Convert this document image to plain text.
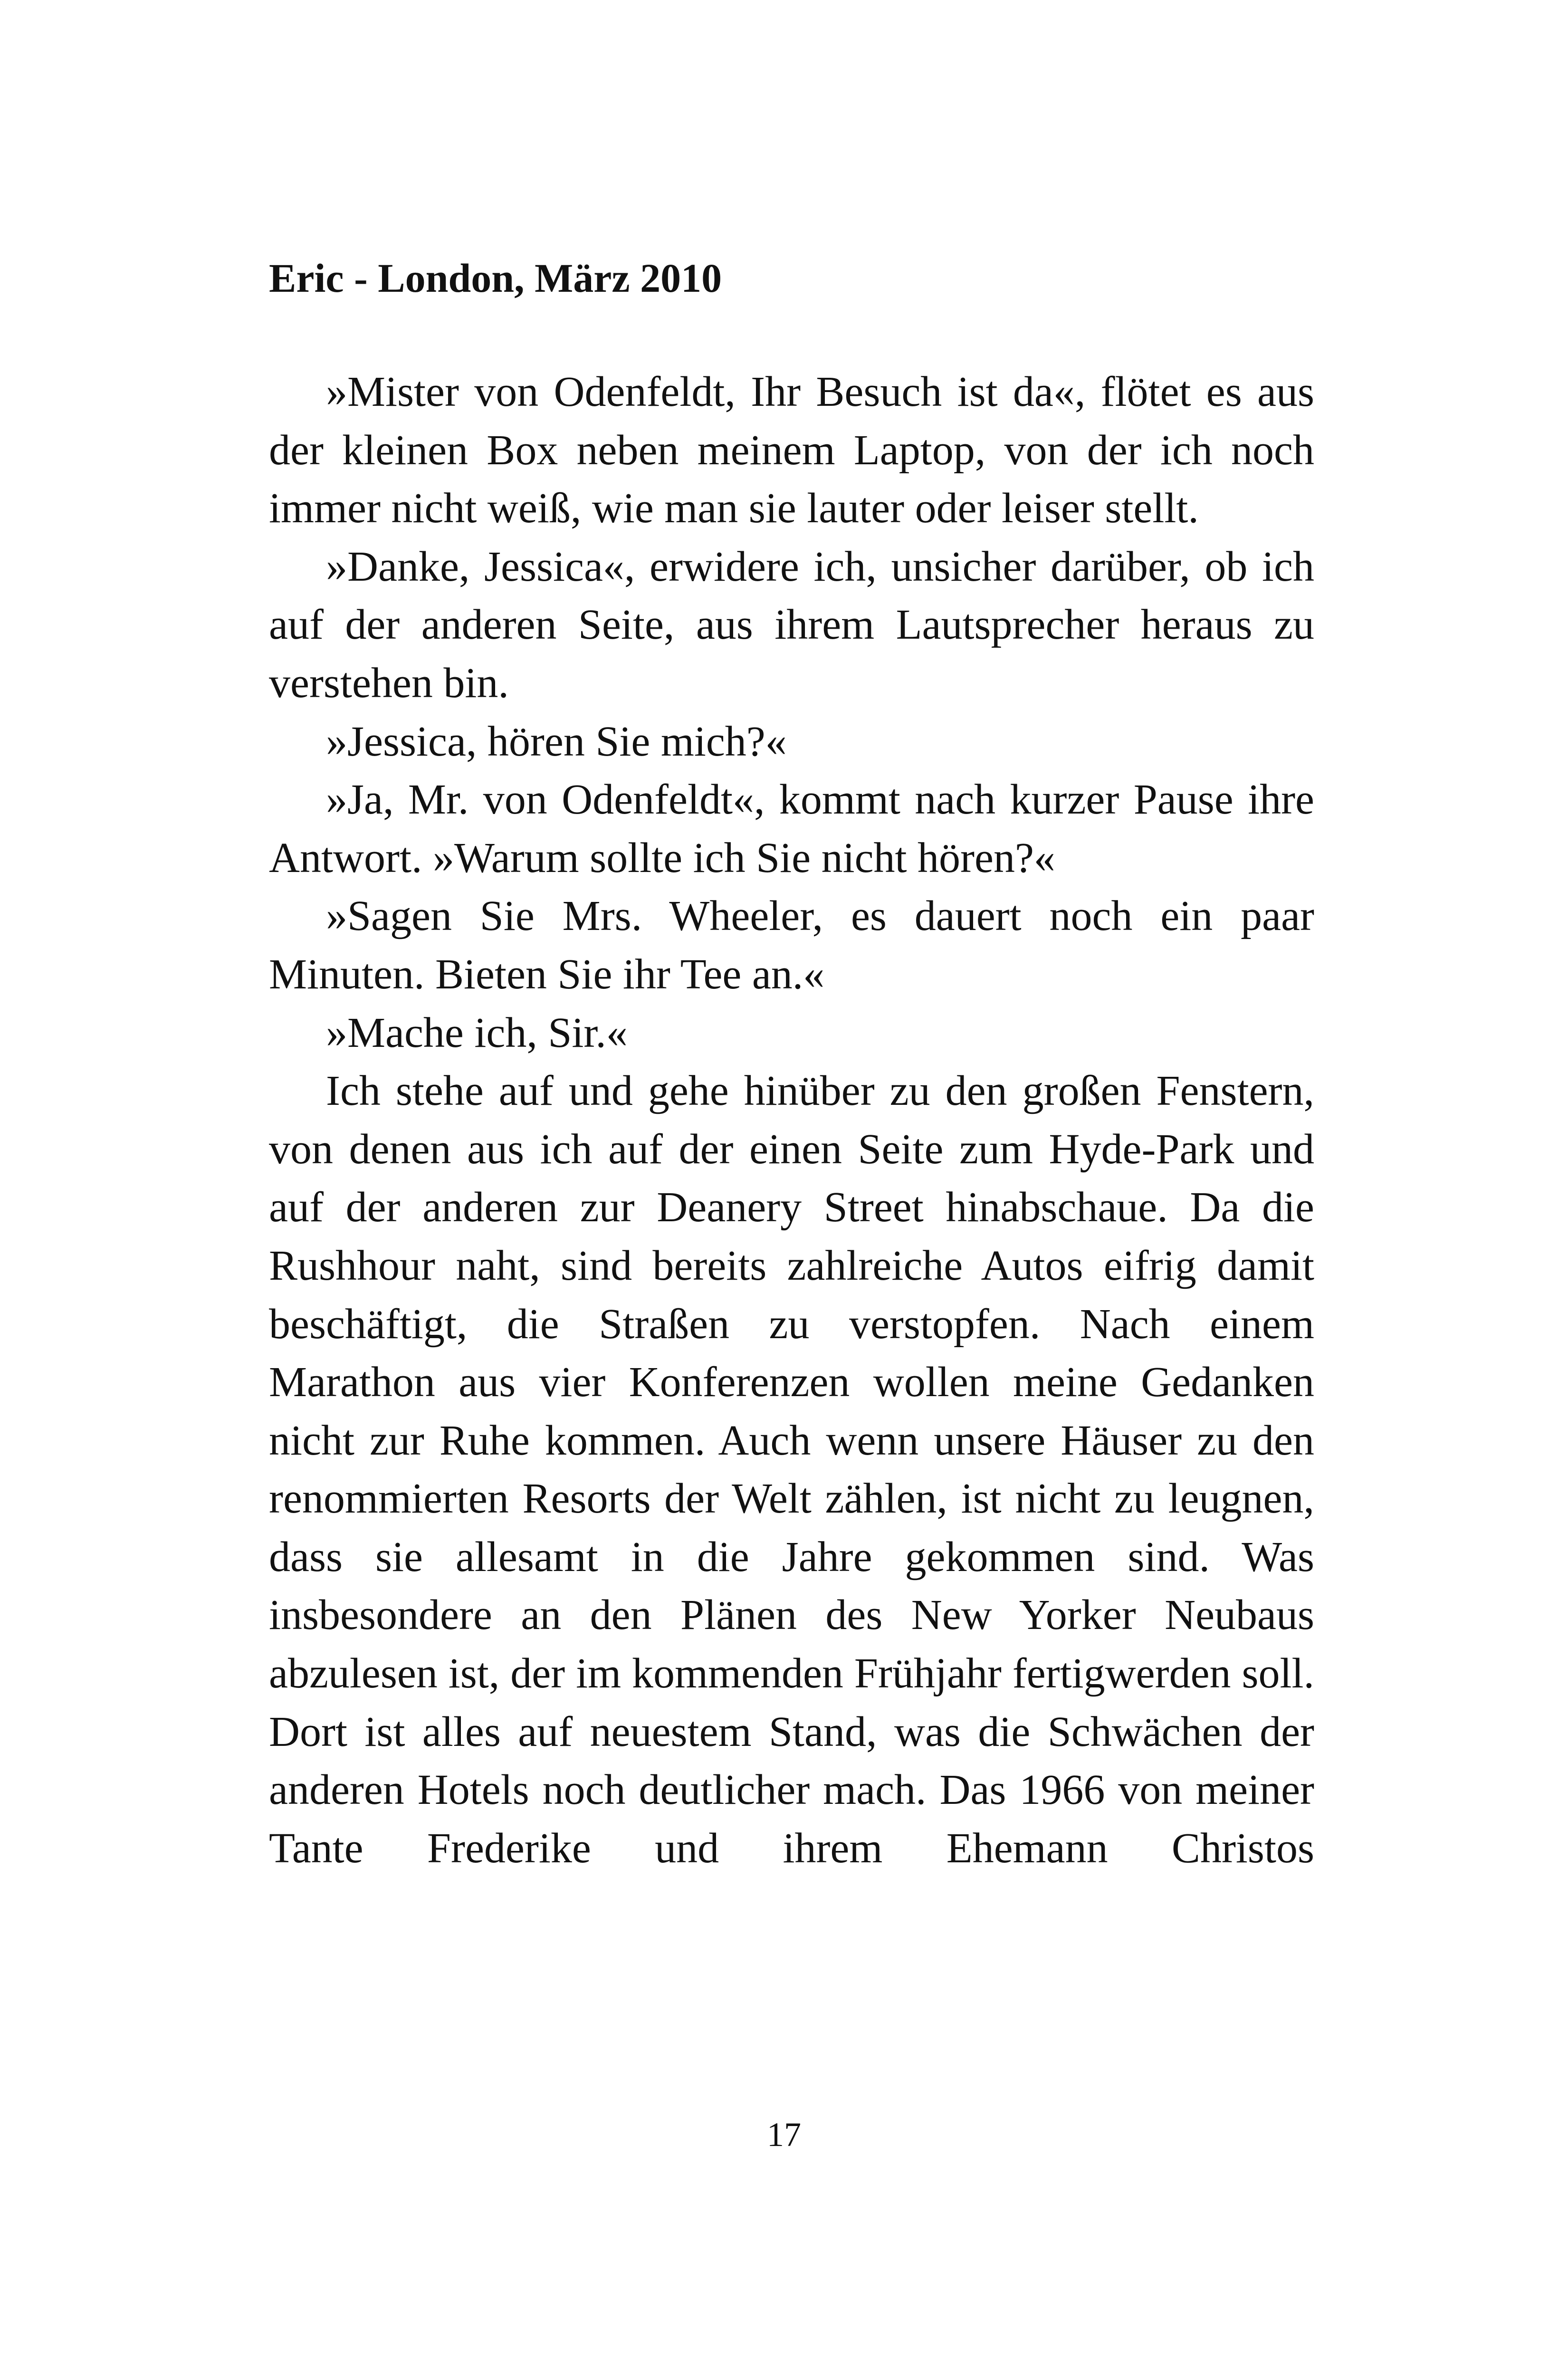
Eric - London, März 2010

»Mister von Odenfeldt, Ihr Besuch ist da«, flötet es aus der kleinen Box neben meinem Laptop, von der ich noch immer nicht weiß, wie man sie lauter oder leiser stellt.

»Danke, Jessica«, erwidere ich, unsicher darüber, ob ich auf der anderen Seite, aus ihrem Lautsprecher heraus zu verstehen bin.

»Jessica, hören Sie mich?«

»Ja, Mr. von Odenfeldt«, kommt nach kurzer Pause ihre Antwort. »Warum sollte ich Sie nicht hören?«

»Sagen Sie Mrs. Wheeler, es dauert noch ein paar Minuten. Bieten Sie ihr Tee an.«

»Mache ich, Sir.«

Ich stehe auf und gehe hinüber zu den großen Fenstern, von denen aus ich auf der einen Seite zum Hyde-Park und auf der anderen zur Deanery Street hinabschaue. Da die Rushhour naht, sind bereits zahlreiche Autos eifrig damit beschäftigt, die Straßen zu verstopfen. Nach einem Marathon aus vier Konferenzen wollen meine Gedanken nicht zur Ruhe kommen. Auch wenn unsere Häuser zu den renommierten Resorts der Welt zählen, ist nicht zu leugnen, dass sie allesamt in die Jahre gekommen sind. Was insbesondere an den Plänen des New Yorker Neubaus abzulesen ist, der im kommenden Frühjahr fertigwerden soll. Dort ist alles auf neuestem Stand, was die Schwächen der anderen Hotels noch deutlicher mach. Das 1966 von meiner Tante Frederike und ihrem Ehemann Christos

17
